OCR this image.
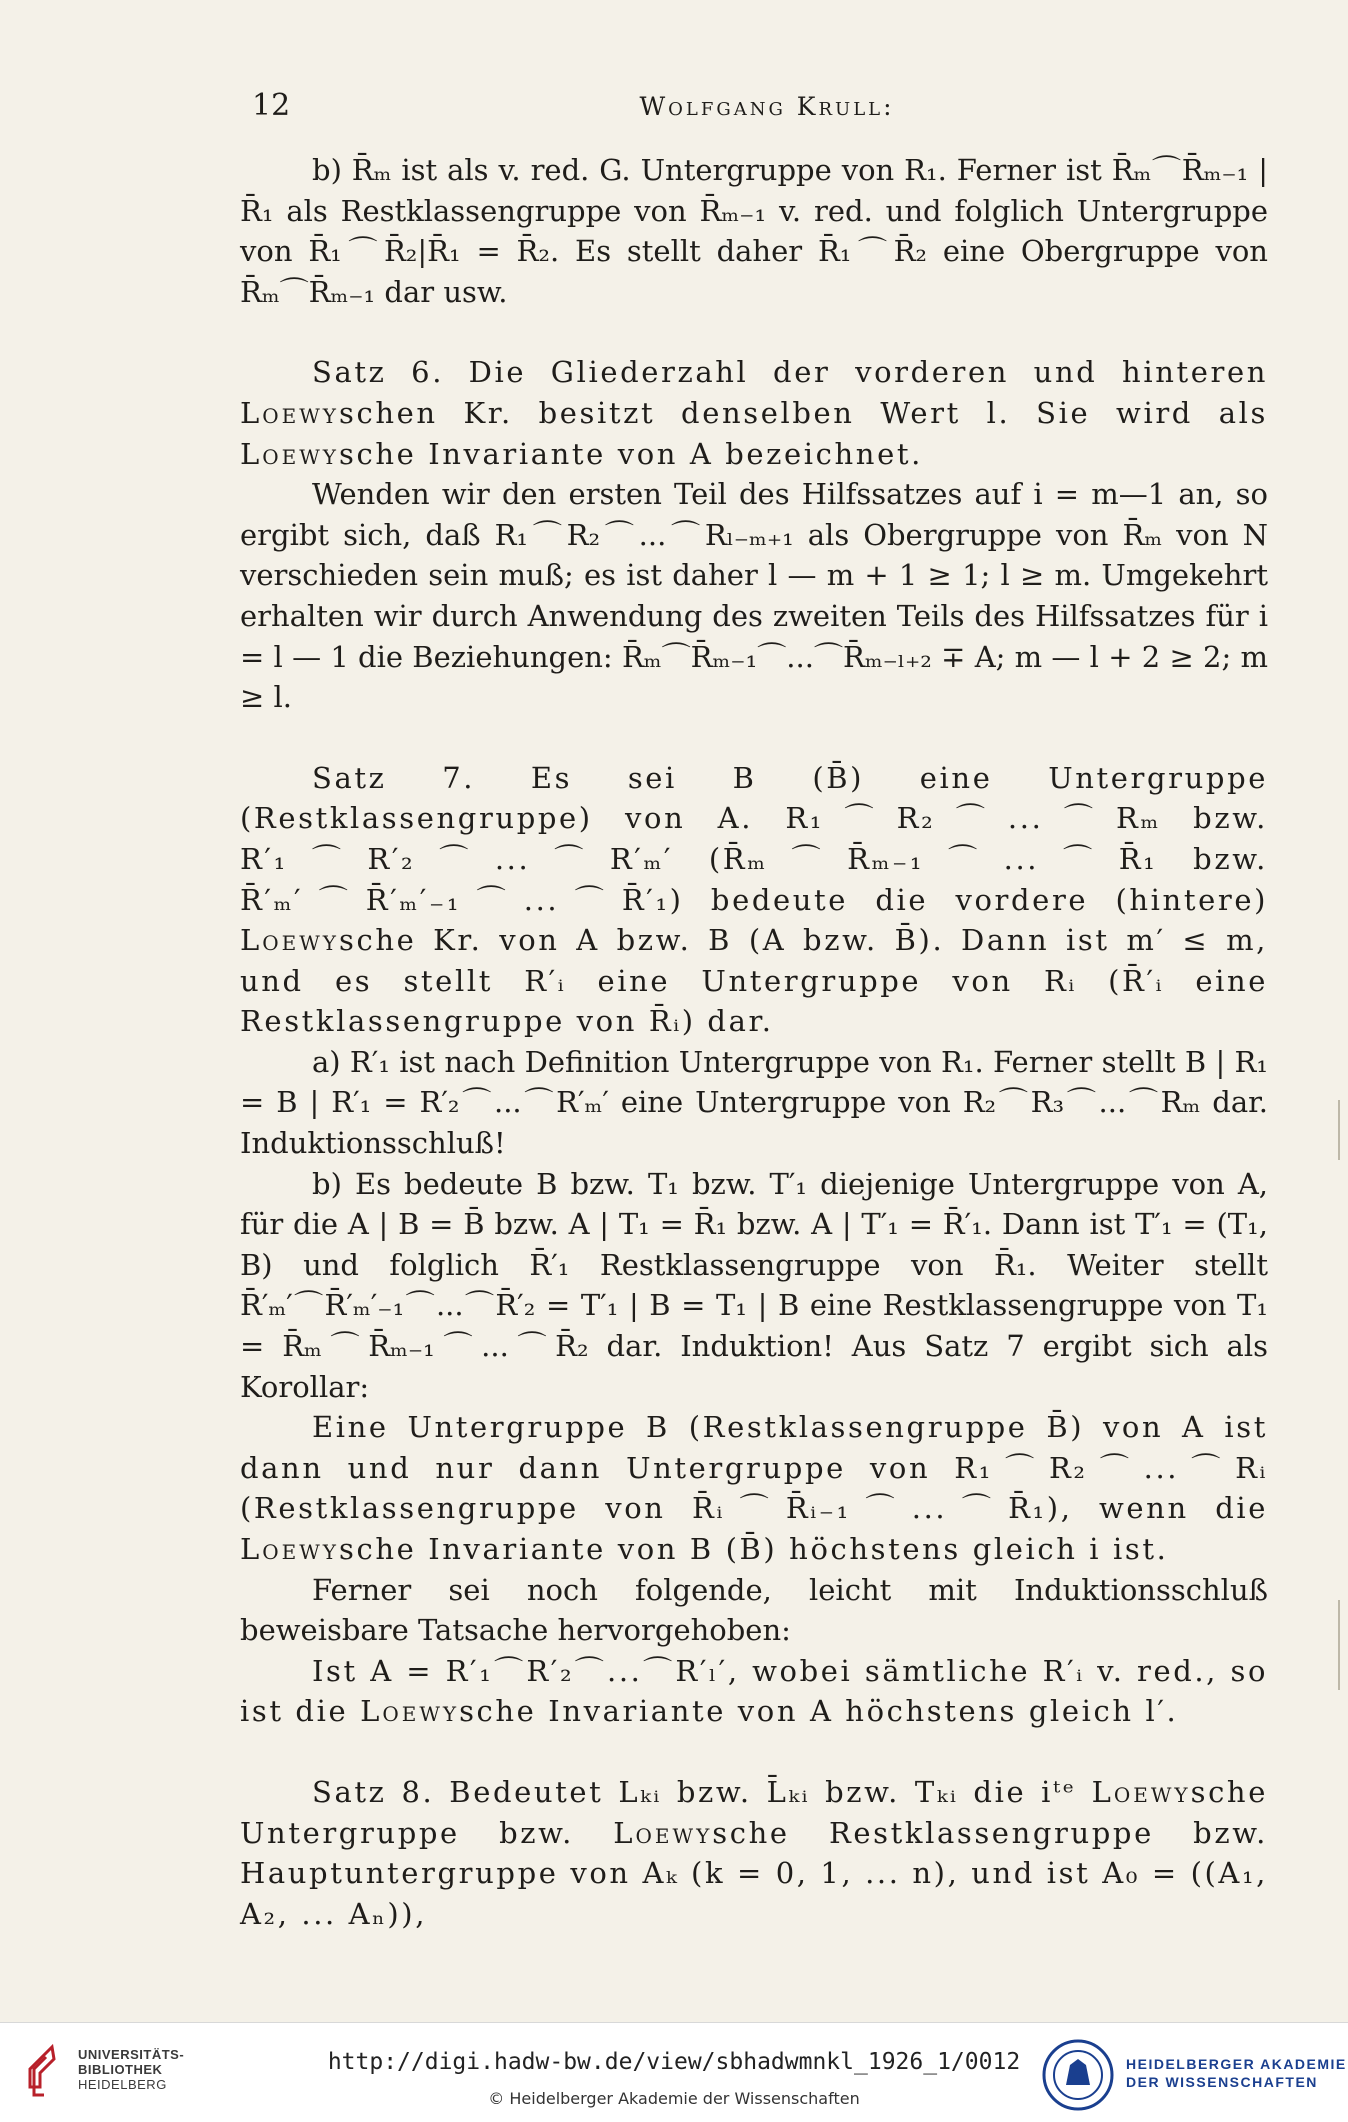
12	Wolfgang Krull:

b) R̄ₘ ist als v. red. G. Untergruppe von R₁. Ferner ist R̄ₘ⌒R̄ₘ₋₁ | R̄₁ als Restklassengruppe von R̄ₘ₋₁ v. red. und folglich Untergruppe von R̄₁⌒R̄₂|R̄₁ = R̄₂. Es stellt daher R̄₁⌒R̄₂ eine Obergruppe von R̄ₘ⌒R̄ₘ₋₁ dar usw.

Satz 6. Die Gliederzahl der vorderen und hinteren Loewyschen Kr. besitzt denselben Wert l. Sie wird als Loewysche Invariante von A bezeichnet.

Wenden wir den ersten Teil des Hilfssatzes auf i = m—1 an, so ergibt sich, daß R₁⌒R₂⌒...⌒Rₗ₋ₘ₊₁ als Obergruppe von R̄ₘ von N verschieden sein muß; es ist daher l — m + 1 ≥ 1; l ≥ m. Umgekehrt erhalten wir durch Anwendung des zweiten Teils des Hilfssatzes für i = l — 1 die Beziehungen: R̄ₘ⌒R̄ₘ₋₁⌒...⌒R̄ₘ₋ₗ₊₂ ∓ A; m — l + 2 ≥ 2; m ≥ l.

Satz 7. Es sei B (B̄) eine Untergruppe (Restklassengruppe) von A. R₁⌒R₂⌒...⌒Rₘ bzw. R′₁⌒R′₂⌒...⌒R′ₘ′ (R̄ₘ⌒R̄ₘ₋₁⌒...⌒R̄₁ bzw. R̄′ₘ′⌒R̄′ₘ′₋₁⌒...⌒R̄′₁) bedeute die vordere (hintere) Loewysche Kr. von A bzw. B (A bzw. B̄). Dann ist m′ ≤ m, und es stellt R′ᵢ eine Untergruppe von Rᵢ (R̄′ᵢ eine Restklassengruppe von R̄ᵢ) dar.

a) R′₁ ist nach Definition Untergruppe von R₁. Ferner stellt B | R₁ = B | R′₁ = R′₂⌒...⌒R′ₘ′ eine Untergruppe von R₂⌒R₃⌒...⌒Rₘ dar. Induktionsschluß!

b) Es bedeute B bzw. T₁ bzw. T′₁ diejenige Untergruppe von A, für die A | B = B̄ bzw. A | T₁ = R̄₁ bzw. A | T′₁ = R̄′₁. Dann ist T′₁ = (T₁, B) und folglich R̄′₁ Restklassengruppe von R̄₁. Weiter stellt R̄′ₘ′⌒R̄′ₘ′₋₁⌒...⌒R̄′₂ = T′₁ | B = T₁ | B eine Restklassengruppe von T₁ = R̄ₘ⌒R̄ₘ₋₁⌒...⌒R̄₂ dar. Induktion! Aus Satz 7 ergibt sich als Korollar:

Eine Untergruppe B (Restklassengruppe B̄) von A ist dann und nur dann Untergruppe von R₁⌒R₂⌒...⌒Rᵢ (Restklassengruppe von R̄ᵢ⌒R̄ᵢ₋₁⌒...⌒R̄₁), wenn die Loewysche Invariante von B (B̄) höchstens gleich i ist.

Ferner sei noch folgende, leicht mit Induktionsschluß beweisbare Tatsache hervorgehoben:

Ist A = R′₁⌒R′₂⌒...⌒R′ₗ′, wobei sämtliche R′ᵢ v. red., so ist die Loewysche Invariante von A höchstens gleich l′.

Satz 8. Bedeutet Lₖᵢ bzw. L̄ₖᵢ bzw. Tₖᵢ die iᵗᵉ Loewysche Untergruppe bzw. Loewysche Restklassengruppe bzw. Hauptuntergruppe von Aₖ (k = 0, 1, ... n), und ist A₀ = ((A₁, A₂, ... Aₙ)),

UNIVERSITÄTS-
BIBLIOTHEK
HEIDELBERG
http://digi.hadw-bw.de/view/sbhadwmnkl_1926_1/0012
© Heidelberger Akademie der Wissenschaften
HEIDELBERGER AKADEMIE
DER WISSENSCHAFTEN
